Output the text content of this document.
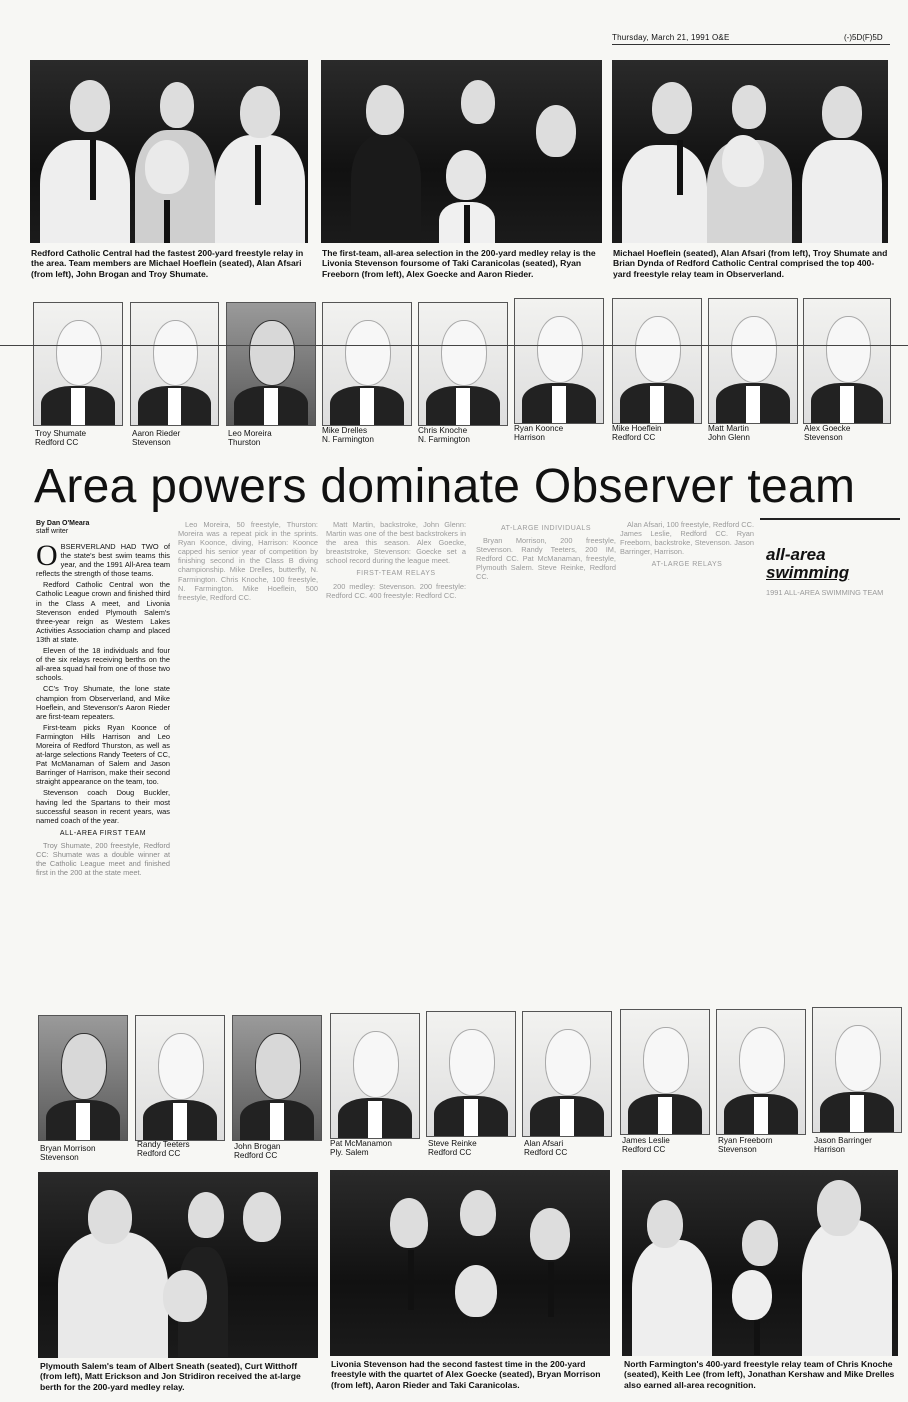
Thursday, March 21, 1991 O&E	(-)5D(F)5D
Redford Catholic Central had the fastest 200-yard freestyle relay in the area. Team members are Michael Hoeflein (seated), Alan Afsari (from left), John Brogan and Troy Shumate.
The first-team, all-area selection in the 200-yard medley relay is the Livonia Stevenson foursome of Taki Caranicolas (seated), Ryan Freeborn (from left), Alex Goecke and Aaron Rieder.
Michael Hoeflein (seated), Alan Afsari (from left), Troy Shumate and Brian Dynda of Redford Catholic Central comprised the top 400-yard freestyle relay team in Observerland.
Troy Shumate
Redford CC
Aaron Rieder
Stevenson
Leo Moreira
Thurston
Mike Drelles
N. Farmington
Chris Knoche
N. Farmington
Ryan Koonce
Harrison
Mike Hoeflein
Redford CC
Matt Martin
John Glenn
Alex Goecke
Stevenson
Area powers dominate Observer team
By Dan O'Meara
staff writer

OBSERVERLAND HAD TWO of the state's best swim teams this year, and the 1991 All-Area team reflects the strength of those teams.

Redford Catholic Central won the Catholic League crown and finished third in the Class A meet, and Livonia Stevenson ended Plymouth Salem's three-year reign as Western Lakes Activities Association champ and placed 13th at state.

Eleven of the 18 individuals and four of the six relays receiving berths on the all-area squad hail from one of those two schools.

CC's Troy Shumate, the lone state champion from Observerland, and Mike Hoeflein, and Stevenson's Aaron Rieder are first-team repeaters.

First-team picks Ryan Koonce of Farmington Hills Harrison and Leo Moreira of Redford Thurston, as well as at-large selections Randy Teeters of CC, Pat McManaman of Salem and Jason Barringer of Harrison, make their second straight appearance on the team, too.

Stevenson coach Doug Buckler, having led the Spartans to their most successful season in recent years, was named coach of the year.

ALL-AREA FIRST TEAM

Troy Shumate, 200 freestyle, Redford CC: Shumate was a double winner at the Catholic League meet and finished first in the 200 at the state meet.

Leo Moreira, 50 freestyle, Thurston: Moreira was a repeat pick in the sprints. Ryan Koonce, diving, Harrison: Koonce capped his senior year of competition by finishing second in the Class B diving championship. Mike Drelles, butterfly, N. Farmington. Chris Knoche, 100 freestyle, N. Farmington. Mike Hoeflein, 500 freestyle, Redford CC.

Matt Martin, backstroke, John Glenn: Martin was one of the best backstrokers in the area this season. Alex Goecke, breaststroke, Stevenson: Goecke set a school record during the league meet.

FIRST-TEAM RELAYS

200 medley: Stevenson. 200 freestyle: Redford CC. 400 freestyle: Redford CC.

AT-LARGE INDIVIDUALS

Bryan Morrison, 200 freestyle, Stevenson. Randy Teeters, 200 IM, Redford CC. Pat McManaman, freestyle, Plymouth Salem. Steve Reinke, Redford CC.

Alan Afsari, 100 freestyle, Redford CC. James Leslie, Redford CC. Ryan Freeborn, backstroke, Stevenson. Jason Barringer, Harrison.

AT-LARGE RELAYS
all-area
swimming
1991 ALL-AREA SWIMMING TEAM
Bryan Morrison
Stevenson
Randy Teeters
Redford CC
John Brogan
Redford CC
Pat McManamon
Ply. Salem
Steve Reinke
Redford CC
Alan Afsari
Redford CC
James Leslie
Redford CC
Ryan Freeborn
Stevenson
Jason Barringer
Harrison
Plymouth Salem's team of Albert Sneath (seated), Curt Witthoff (from left), Matt Erickson and Jon Stridiron received the at-large berth for the 200-yard medley relay.
Livonia Stevenson had the second fastest time in the 200-yard freestyle with the quartet of Alex Goecke (seated), Bryan Morrison (from left), Aaron Rieder and Taki Caranicolas.
North Farmington's 400-yard freestyle relay team of Chris Knoche (seated), Keith Lee (from left), Jonathan Kershaw and Mike Drelles also earned all-area recognition.
